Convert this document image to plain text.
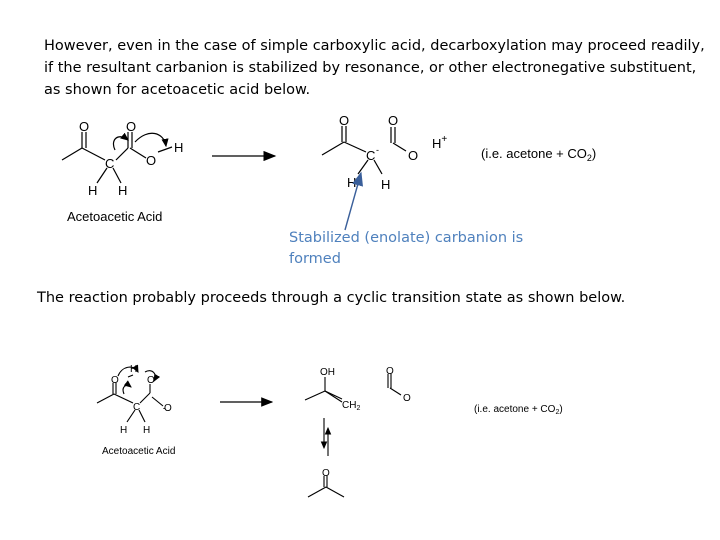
However, even in the case of simple carboxylic acid, decarboxylation may proceed readily, if the resultant carbanion is stabilized by resonance, or other electronegative substituent, as shown for acetoacetic acid below.

O	O
C O
H
H H
Acetoacetic Acid
O	O
O
C -
H H
H+
(i.e. acetone + $CO_2$)
O
H
O
C O
H H
Acetoacetic Acid
OH
$CH_2$
O
O
(i.e. acetone + $CO_2$)
O
Stabilized (enolate) carbanion is formed

The reaction probably proceeds through a cyclic transition state as shown below.
